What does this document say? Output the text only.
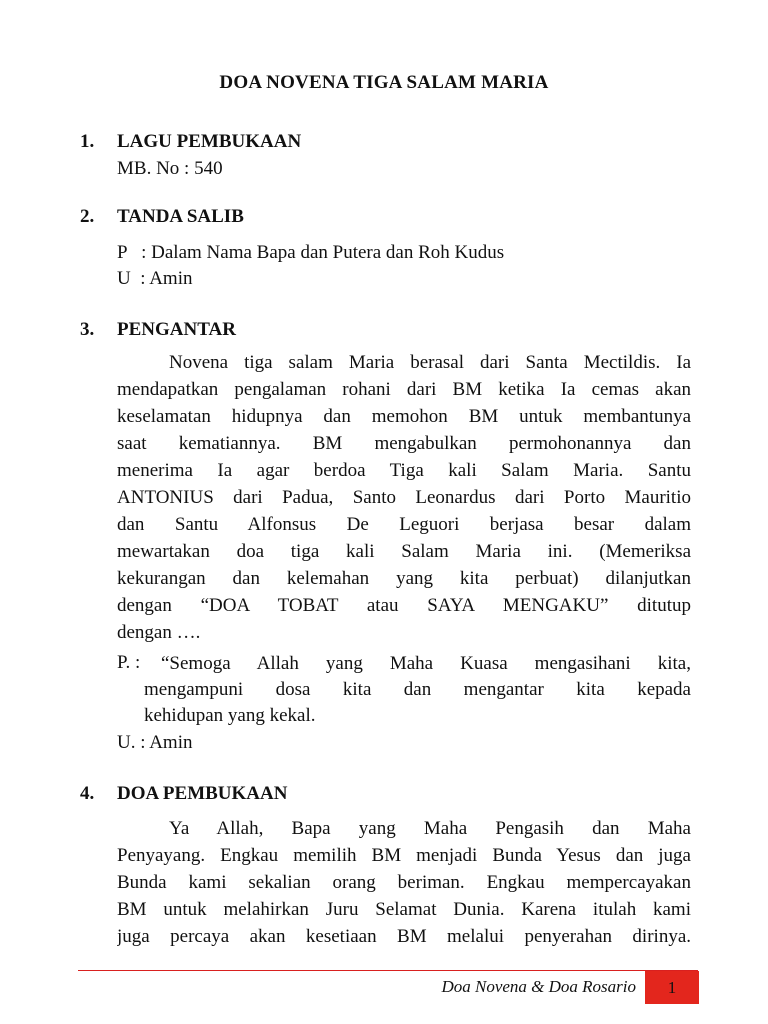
DOA NOVENA TIGA SALAM MARIA
1. LAGU PEMBUKAAN
MB. No : 540
2. TANDA SALIB
P   : Dalam Nama Bapa dan Putera dan Roh Kudus
U  : Amin
3. PENGANTAR
Novena tiga salam Maria berasal dari Santa Mectildis. Ia
mendapatkan pengalaman rohani dari BM ketika Ia cemas akan
keselamatan hidupnya dan memohon BM untuk membantunya
saat kematiannya. BM mengabulkan permohonannya dan
menerima Ia agar berdoa Tiga kali Salam Maria. Santu
ANTONIUS dari Padua, Santo Leonardus dari Porto Mauritio
dan Santu Alfonsus De Leguori berjasa besar dalam
mewartakan doa tiga kali Salam Maria ini. (Memeriksa
kekurangan dan kelemahan yang kita perbuat) dilanjutkan
dengan “DOA TOBAT atau SAYA MENGAKU” ditutup
dengan ….
P. : “Semoga Allah yang Maha Kuasa mengasihani kita,
mengampuni dosa kita dan mengantar kita kepada
kehidupan yang kekal.
U. : Amin
4. DOA PEMBUKAAN
Ya Allah, Bapa yang Maha Pengasih dan Maha
Penyayang. Engkau memilih BM menjadi Bunda Yesus dan juga
Bunda kami sekalian orang beriman. Engkau mempercayakan
BM untuk melahirkan Juru Selamat Dunia. Karena itulah kami
juga percaya akan kesetiaan BM melalui penyerahan dirinya.
Doa Novena & Doa Rosario	1
